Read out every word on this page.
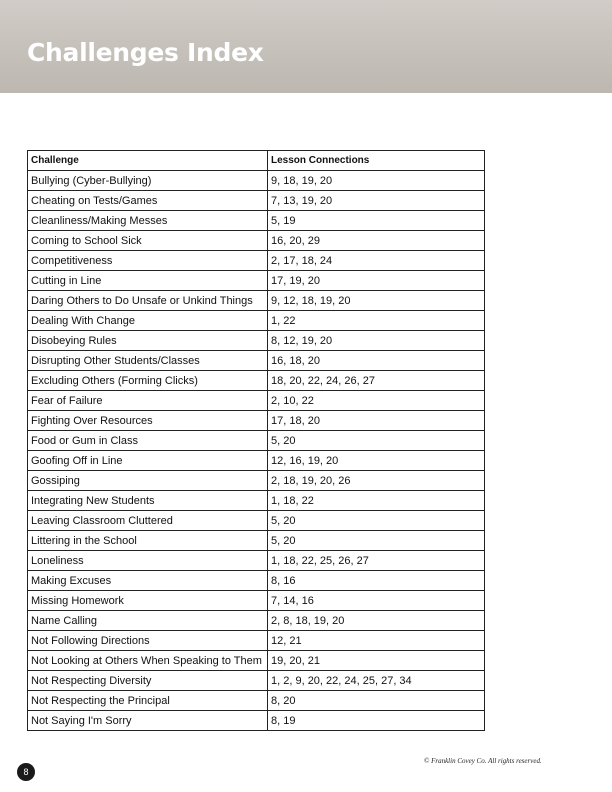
Challenges Index
Challenge	Lesson Connections
Bullying (Cyber-Bullying)	9, 18, 19, 20
Cheating on Tests/Games	7, 13, 19, 20
Cleanliness/Making Messes	5, 19
Coming to School Sick	16, 20, 29
Competitiveness	2, 17, 18, 24
Cutting in Line	17, 19, 20
Daring Others to Do Unsafe or Unkind Things	9, 12, 18, 19, 20
Dealing With Change	1, 22
Disobeying Rules	8, 12, 19, 20
Disrupting Other Students/Classes	16, 18, 20
Excluding Others (Forming Clicks)	18, 20, 22, 24, 26, 27
Fear of Failure	2, 10, 22
Fighting Over Resources	17, 18, 20
Food or Gum in Class	5, 20
Goofing Off in Line	12, 16, 19, 20
Gossiping	2, 18, 19, 20, 26
Integrating New Students	1, 18, 22
Leaving Classroom Cluttered	5, 20
Littering in the School	5, 20
Loneliness	1, 18, 22, 25, 26, 27
Making Excuses	8, 16
Missing Homework	7, 14, 16
Name Calling	2, 8, 18, 19, 20
Not Following Directions	12, 21
Not Looking at Others When Speaking to Them	19, 20, 21
Not Respecting Diversity	1, 2, 9, 20, 22, 24, 25, 27, 34
Not Respecting the Principal	8, 20
Not Saying I'm Sorry	8, 19
© Franklin Covey Co. All rights reserved.
8
